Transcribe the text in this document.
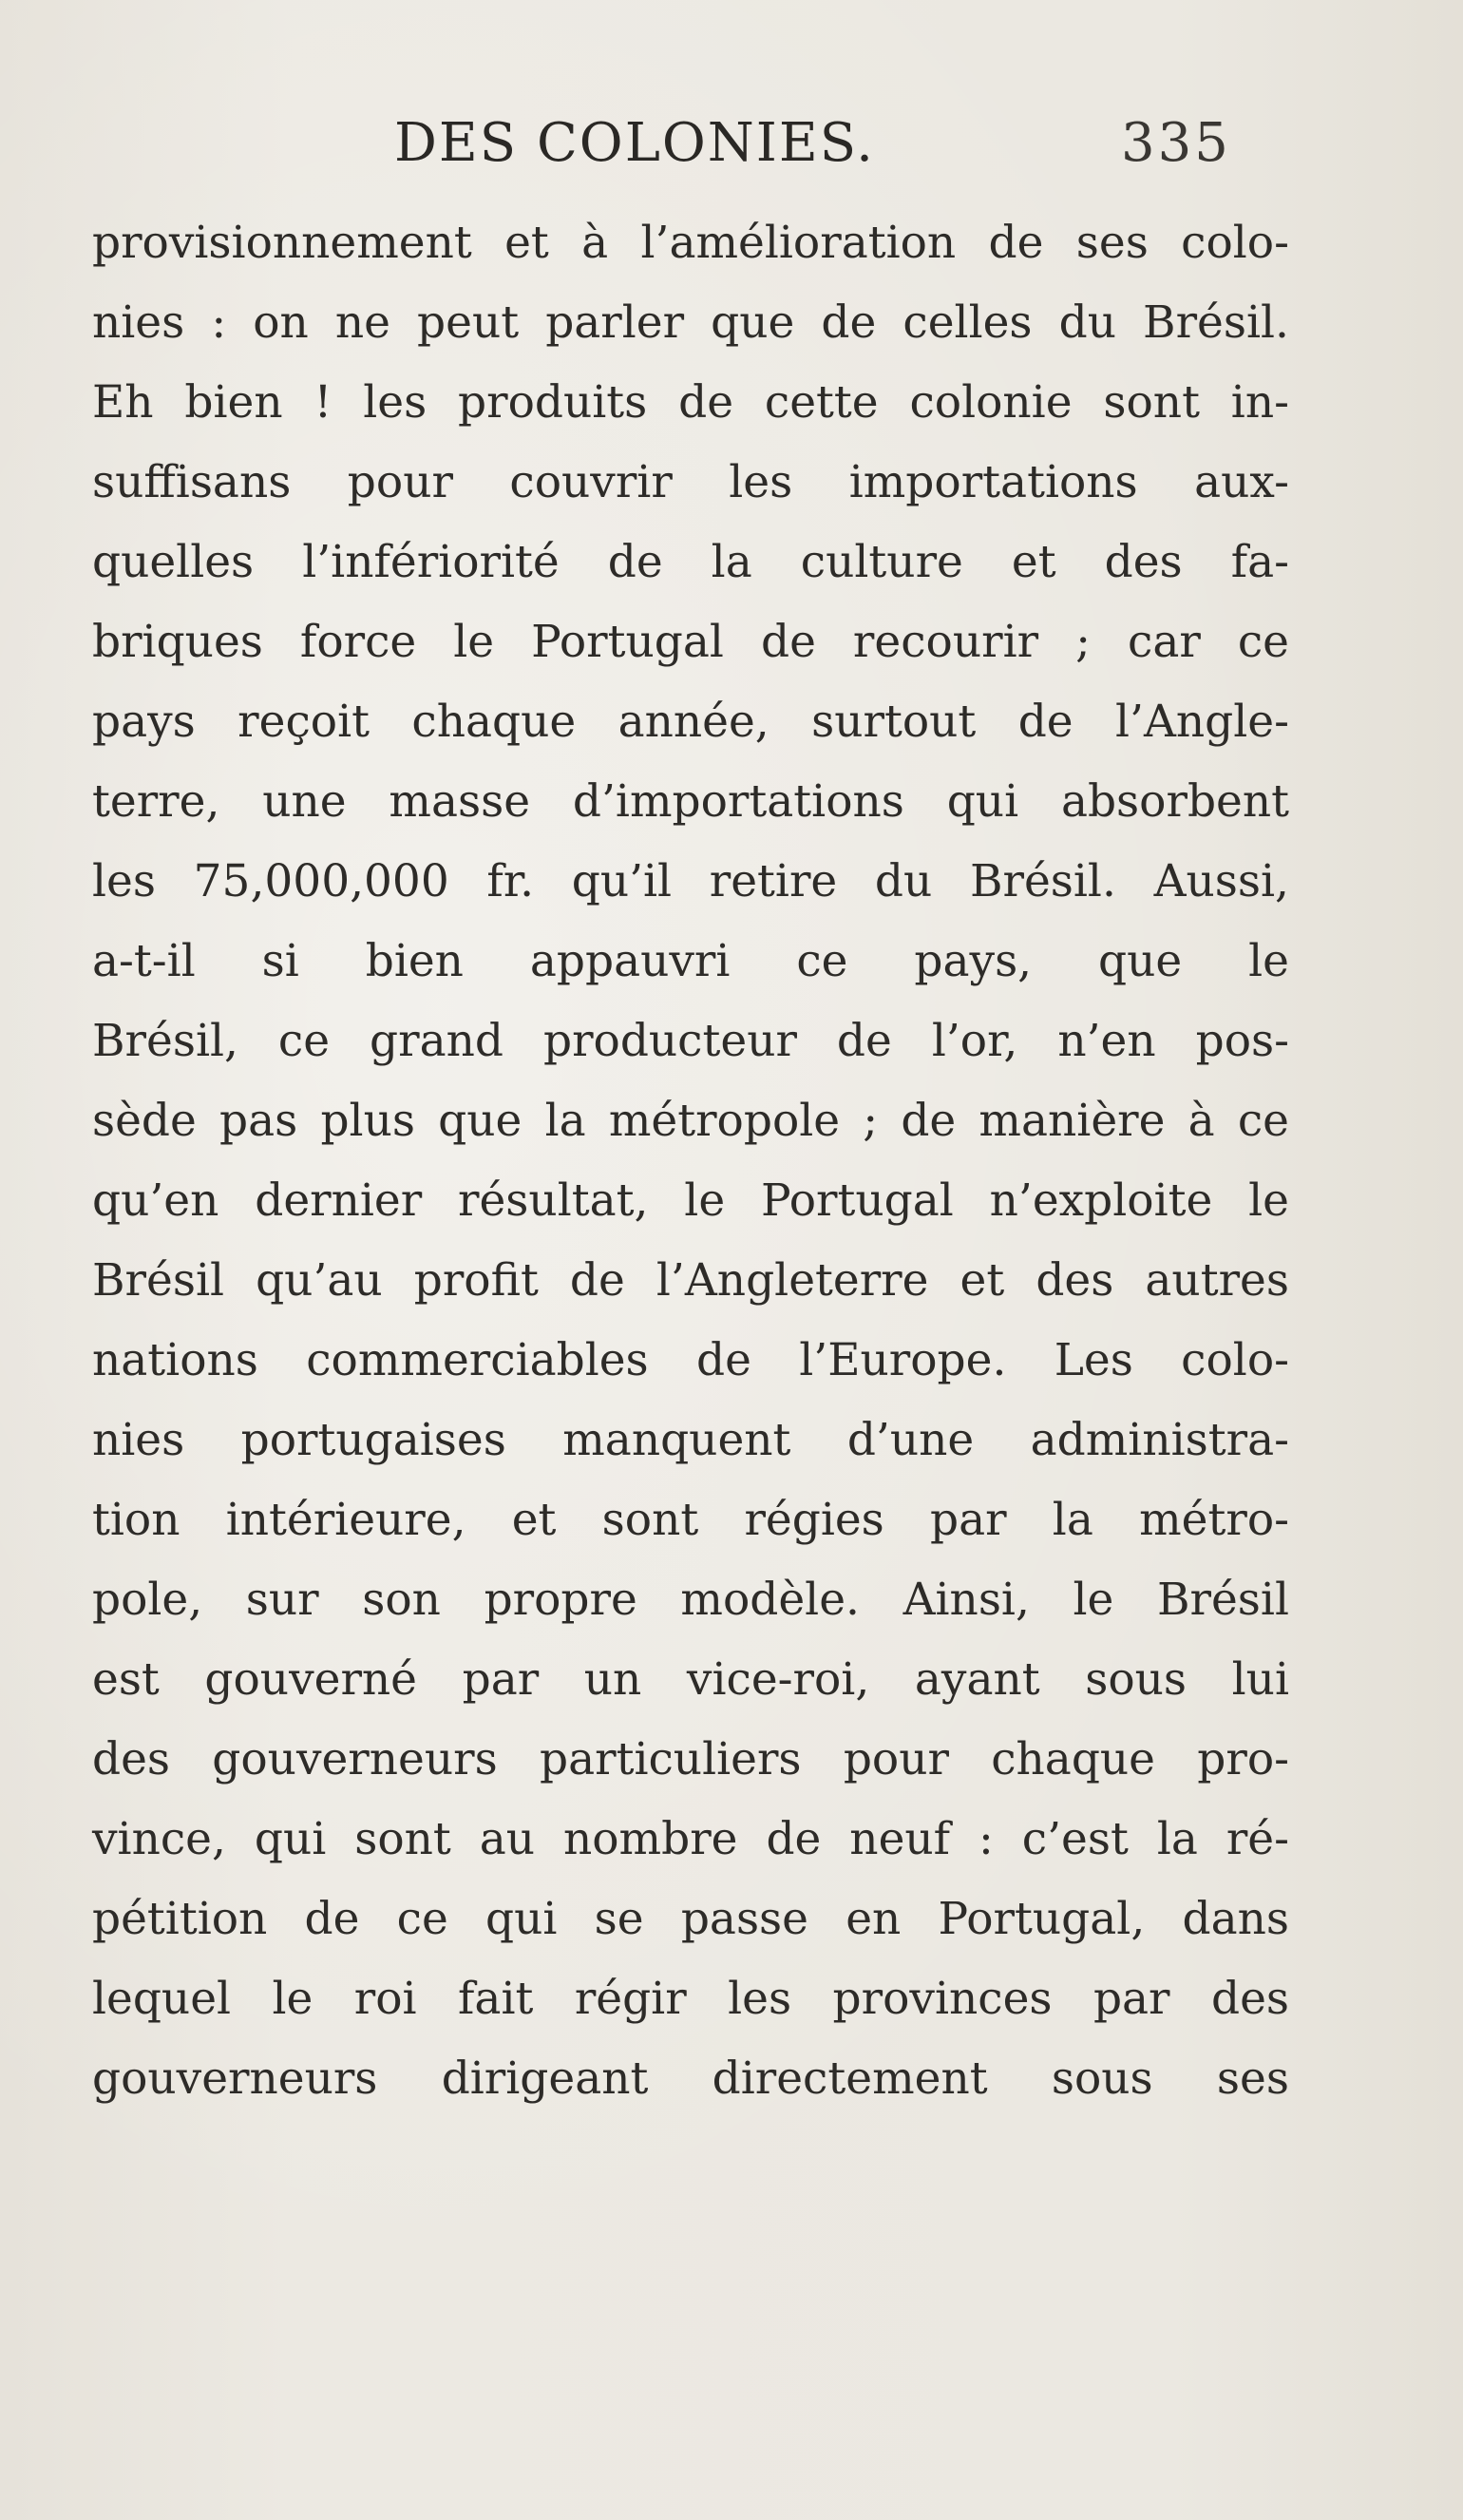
DES COLONIES.	335
provisionnement et à l’amélioration de ses colo-
nies : on ne peut parler que de celles du Brésil.
Eh bien ! les produits de cette colonie sont in-
suffisans pour couvrir les importations aux-
quelles l’infériorité de la culture et des fa-
briques force le Portugal de recourir ; car ce
pays reçoit chaque année, surtout de l’Angle-
terre, une masse d’importations qui absorbent
les 75,000,000 fr. qu’il retire du Brésil. Aussi,
a-t-il si bien appauvri ce pays, que le
Brésil, ce grand producteur de l’or, n’en pos-
sède pas plus que la métropole ; de manière à ce
qu’en dernier résultat, le Portugal n’exploite le
Brésil qu’au profit de l’Angleterre et des autres
nations commerciables de l’Europe. Les colo-
nies portugaises manquent d’une administra-
tion intérieure, et sont régies par la métro-
pole, sur son propre modèle. Ainsi, le Brésil
est gouverné par un vice-roi, ayant sous lui
des gouverneurs particuliers pour chaque pro-
vince, qui sont au nombre de neuf : c’est la ré-
pétition de ce qui se passe en Portugal, dans
lequel le roi fait régir les provinces par des
gouverneurs dirigeant directement sous ses
